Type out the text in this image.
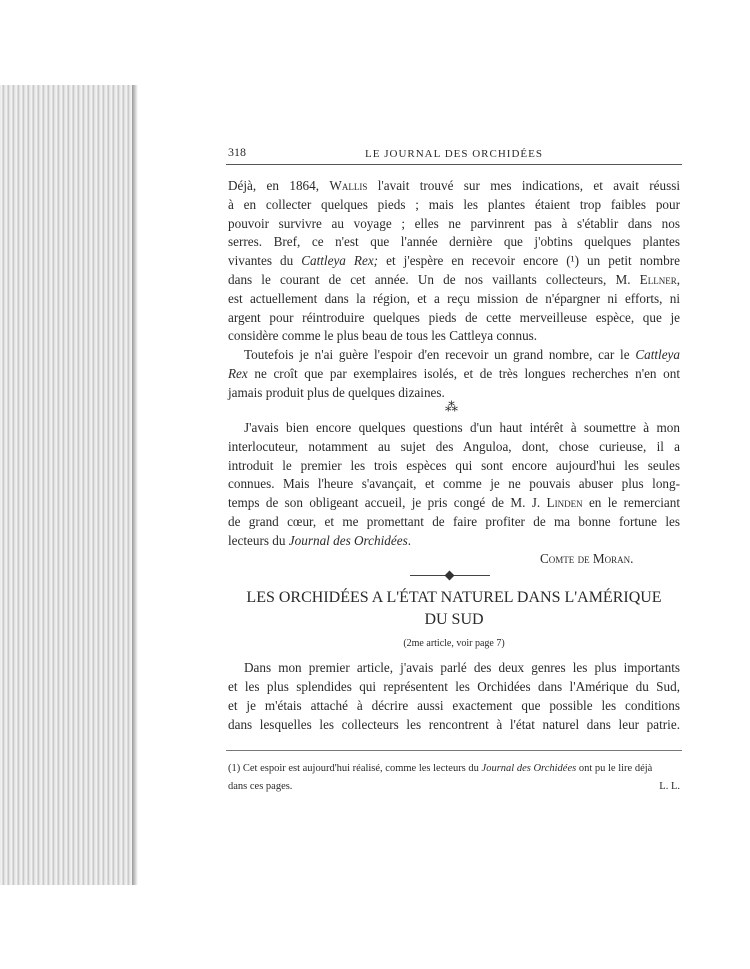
318	LE JOURNAL DES ORCHIDÉES
Déjà, en 1864, Wallis l'avait trouvé sur mes indications, et avait réussi
à en collecter quelques pieds ; mais les plantes étaient trop faibles pour
pouvoir survivre au voyage ; elles ne parvinrent pas à s'établir dans nos
serres. Bref, ce n'est que l'année dernière que j'obtins quelques plantes
vivantes du Cattleya Rex; et j'espère en recevoir encore (¹) un petit nombre
dans le courant de cet année. Un de nos vaillants collecteurs, M. Ellner,
est actuellement dans la région, et a reçu mission de n'épargner ni efforts, ni
argent pour réintroduire quelques pieds de cette merveilleuse espèce, que je
considère comme le plus beau de tous les Cattleya connus.
Toutefois je n'ai guère l'espoir d'en recevoir un grand nombre, car le Cattleya
Rex ne croît que par exemplaires isolés, et de très longues recherches n'en ont
jamais produit plus de quelques dizaines.
⁂
J'avais bien encore quelques questions d'un haut intérêt à soumettre à mon
interlocuteur, notamment au sujet des Anguloa, dont, chose curieuse, il a
introduit le premier les trois espèces qui sont encore aujourd'hui les seules
connues. Mais l'heure s'avançait, et comme je ne pouvais abuser plus long-
temps de son obligeant accueil, je pris congé de M. J. Linden en le remerciant
de grand cœur, et me promettant de faire profiter de ma bonne fortune les
lecteurs du Journal des Orchidées.
Comte de Moran.
LES ORCHIDÉES A L'ÉTAT NATUREL DANS L'AMÉRIQUE
DU SUD
(2me article, voir page 7)
Dans mon premier article, j'avais parlé des deux genres les plus importants
et les plus splendides qui représentent les Orchidées dans l'Amérique du Sud,
et je m'étais attaché à décrire aussi exactement que possible les conditions
dans lesquelles les collecteurs les rencontrent à l'état naturel dans leur patrie.
(1) Cet espoir est aujourd'hui réalisé, comme les lecteurs du Journal des Orchidées ont pu le lire déjà
dans ces pages.	L. L.
